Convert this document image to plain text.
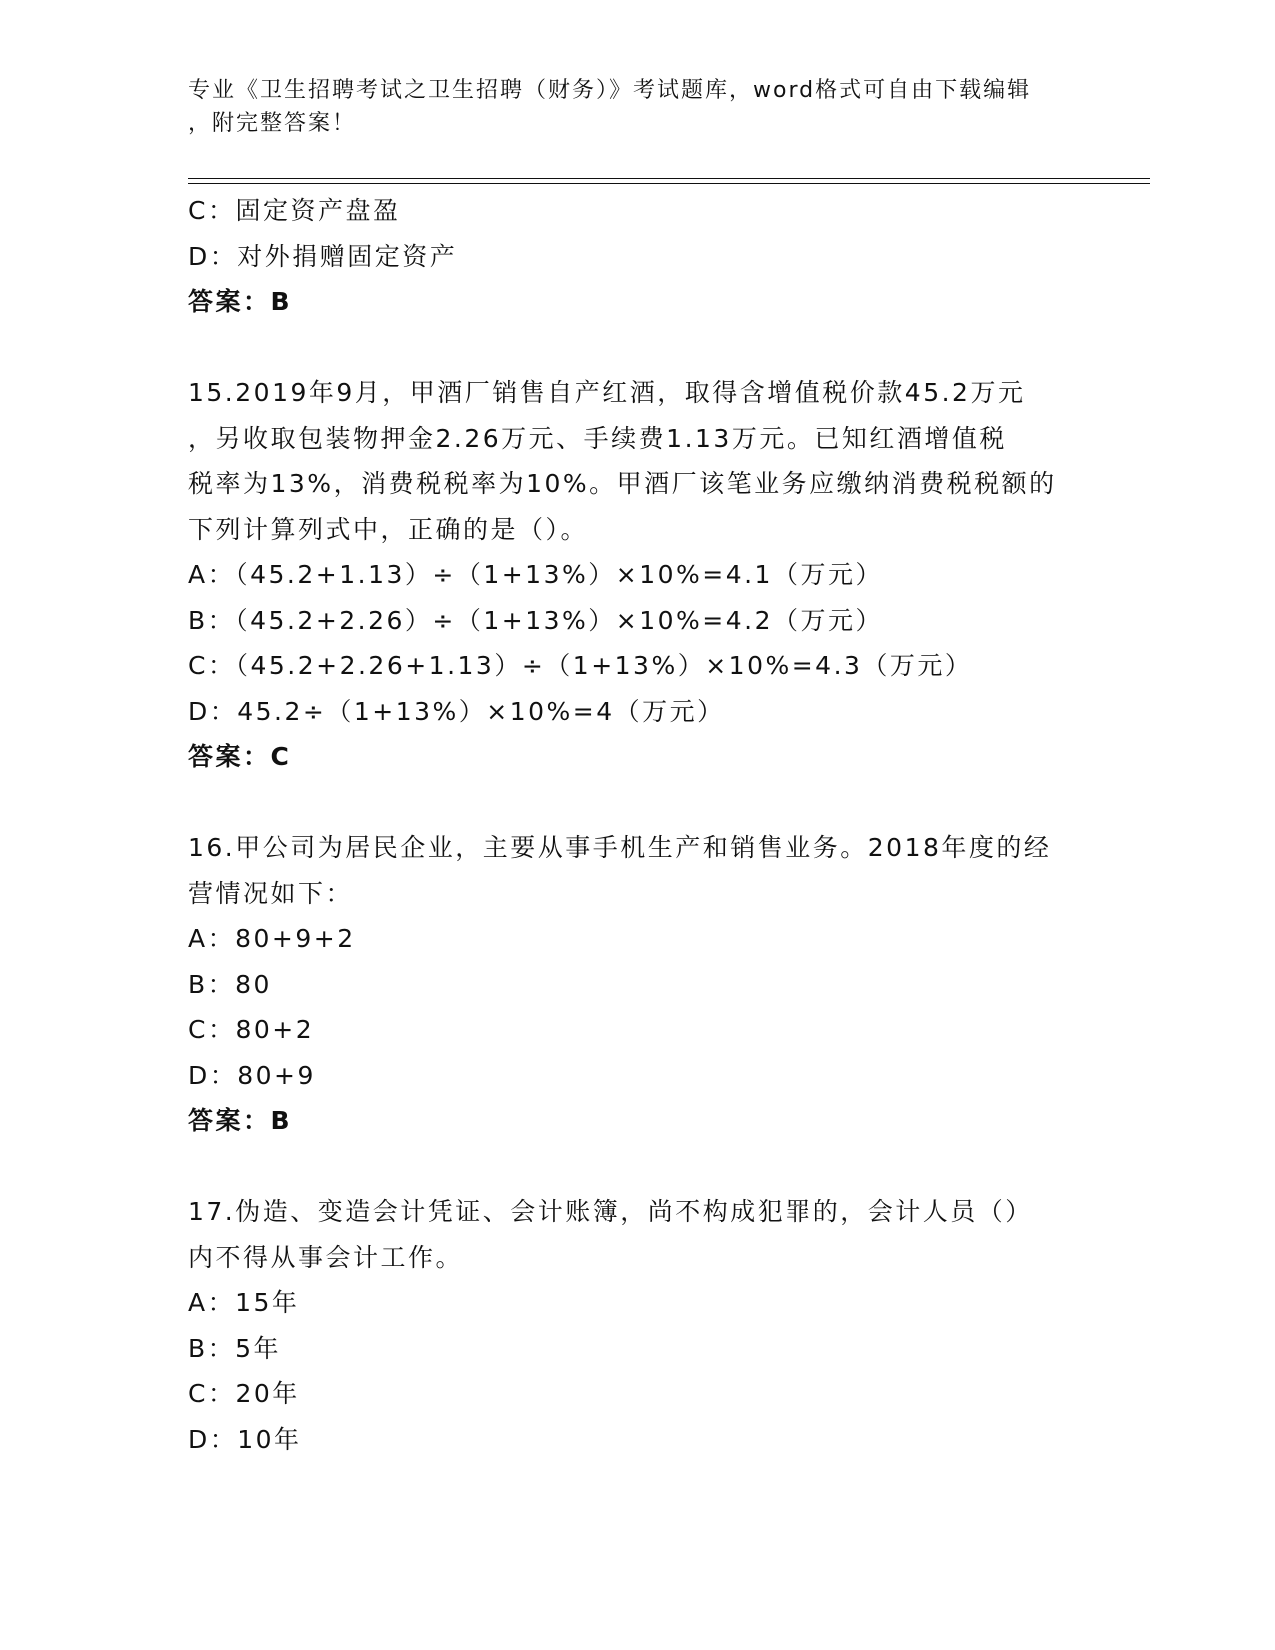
专业《卫生招聘考试之卫生招聘（财务）》考试题库，word格式可自由下载编辑
，附完整答案！
C：固定资产盘盈
D：对外捐赠固定资产
答案：B
15.2019年9月，甲酒厂销售自产红酒，取得含增值税价款45.2万元
，另收取包装物押金2.26万元、手续费1.13万元。已知红酒增值税
税率为13%，消费税税率为10%。甲酒厂该笔业务应缴纳消费税税额的
下列计算列式中，正确的是（）。
A：（45.2+1.13）÷（1+13%）×10%=4.1（万元）
B：（45.2+2.26）÷（1+13%）×10%=4.2（万元）
C：（45.2+2.26+1.13）÷（1+13%）×10%=4.3（万元）
D：45.2÷（1+13%）×10%=4（万元）
答案：C
16.甲公司为居民企业，主要从事手机生产和销售业务。2018年度的经
营情况如下：
A：80+9+2
B：80
C：80+2
D：80+9
答案：B
17.伪造、变造会计凭证、会计账簿，尚不构成犯罪的，会计人员（）
内不得从事会计工作。
A：15年
B：5年
C：20年
D：10年
